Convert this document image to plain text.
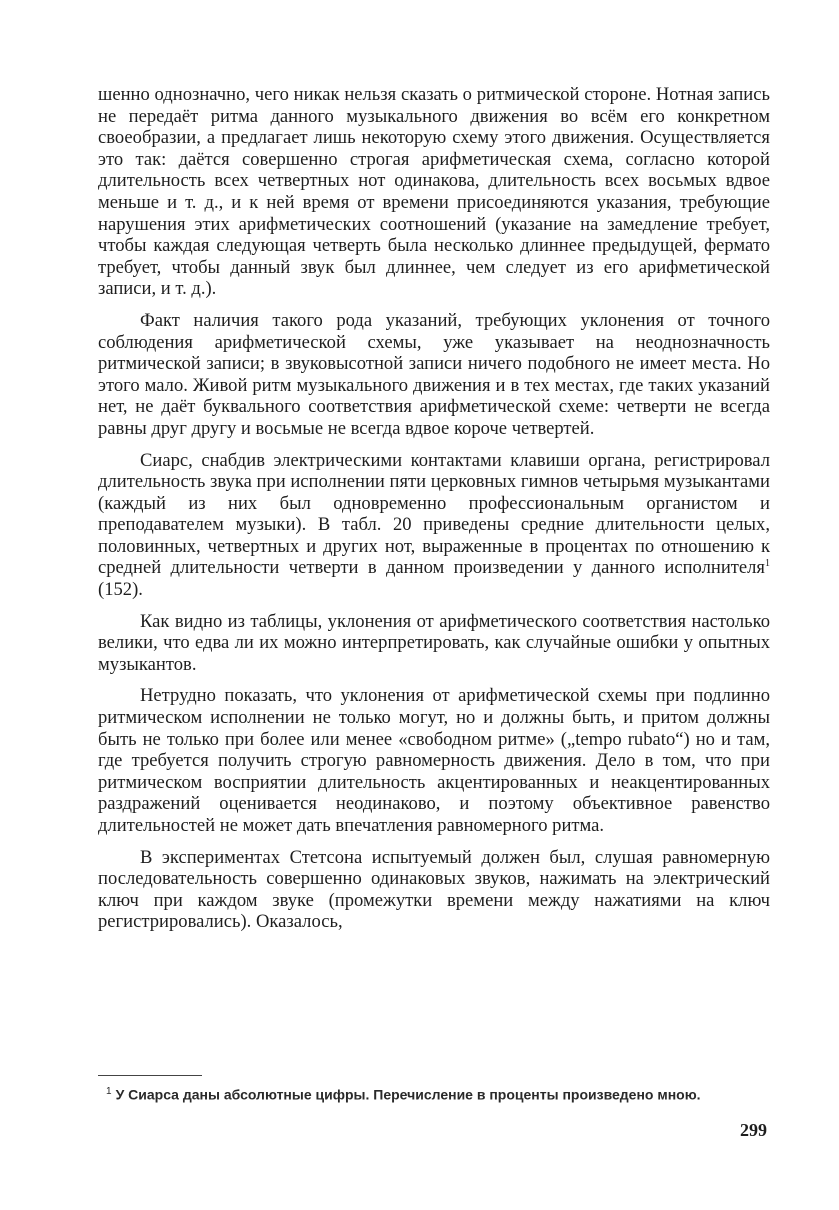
шенно однозначно, чего никак нельзя сказать о ритмической стороне. Нотная запись не передаёт ритма данного музыкального движения во всём его конкретном своеобразии, а предлагает лишь некоторую схему этого движения. Осуществляется это так: даётся совершенно строгая арифметическая схема, согласно которой длительность всех четвертных нот одинакова, длительность всех восьмых вдвое меньше и т. д., и к ней время от времени присоединяются указания, требующие нарушения этих арифметических соотношений (указание на замедление требует, чтобы каждая следующая четверть была несколько длиннее предыдущей, фермато требует, чтобы данный звук был длиннее, чем следует из его арифметической записи, и т. д.).

Факт наличия такого рода указаний, требующих уклонения от точного соблюдения арифметической схемы, уже указывает на неоднозначность ритмической записи; в звуковысотной записи ничего подобного не имеет места. Но этого мало. Живой ритм музыкального движения и в тех местах, где таких указаний нет, не даёт буквального соответствия арифметической схеме: четверти не всегда равны друг другу и восьмые не всегда вдвое короче четвертей.

Сиарс, снабдив электрическими контактами клавиши органа, регистрировал длительность звука при исполнении пяти церковных гимнов четырьмя музыкантами (каждый из них был одновременно профессиональным органистом и преподавателем музыки). В табл. 20 приведены средние длительности целых, половинных, четвертных и других нот, выраженные в процентах по отношению к средней длительности четверти в данном произведении у данного исполнителя$^1$ (152).

Как видно из таблицы, уклонения от арифметического соответствия настолько велики, что едва ли их можно интерпретировать, как случайные ошибки у опытных музыкантов.

Нетрудно показать, что уклонения от арифметической схемы при подлинно ритмическом исполнении не только могут, но и должны быть, и притом должны быть не только при более или менее «свободном ритме» („tempo rubato“) но и там, где требуется получить строгую равномерность движения. Дело в том, что при ритмическом восприятии длительность акцентированных и неакцентированных раздражений оценивается неодинаково, и поэтому объективное равенство длительностей не может дать впечатления равномерного ритма.

В экспериментах Стетсона испытуемый должен был, слушая равномерную последовательность совершенно одинаковых звуков, нажимать на электрический ключ при каждом звуке (промежутки времени между нажатиями на ключ регистрировались). Оказалось,

$^1$ У Сиарса даны абсолютные цифры. Перечисление в проценты произведено мною.
299
